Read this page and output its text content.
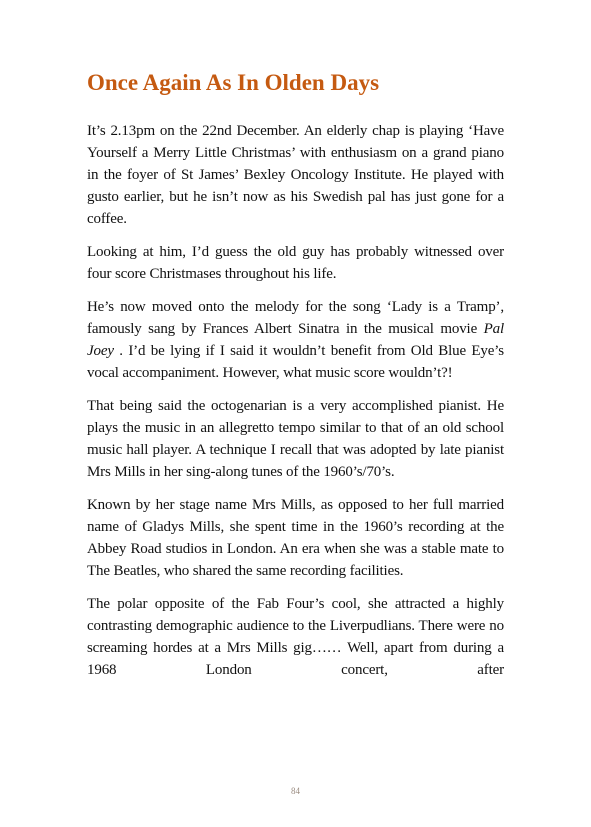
Once Again As In Olden Days

It’s 2.13pm on the 22nd December. An elderly chap is playing ‘Have Yourself a Merry Little Christmas’ with enthusiasm on a grand piano in the foyer of St James’ Bexley Oncology Institute. He played with gusto earlier, but he isn’t now as his Swedish pal has just gone for a coffee.

Looking at him, I’d guess the old guy has probably witnessed over four score Christmases throughout his life.

He’s now moved onto the melody for the song ‘Lady is a Tramp’, famously sang by Frances Albert Sinatra in the musical movie Pal Joey . I’d be lying if I said it wouldn’t benefit from Old Blue Eye’s vocal accompaniment. However, what music score wouldn’t?!

That being said the octogenarian is a very accomplished pianist. He plays the music in an allegretto tempo similar to that of an old school music hall player. A technique I recall that was adopted by late pianist Mrs Mills in her sing-along tunes of the 1960’s/70’s.

Known by her stage name Mrs Mills, as opposed to her full married name of Gladys Mills, she spent time in the 1960’s recording at the Abbey Road studios in London. An era when she was a stable mate to The Beatles, who shared the same recording facilities.

The polar opposite of the Fab Four’s cool, she attracted a highly contrasting demographic audience to the Liverpudlians. There were no screaming hordes at a Mrs Mills gig…… Well, apart from during a 1968 London concert, after

84
